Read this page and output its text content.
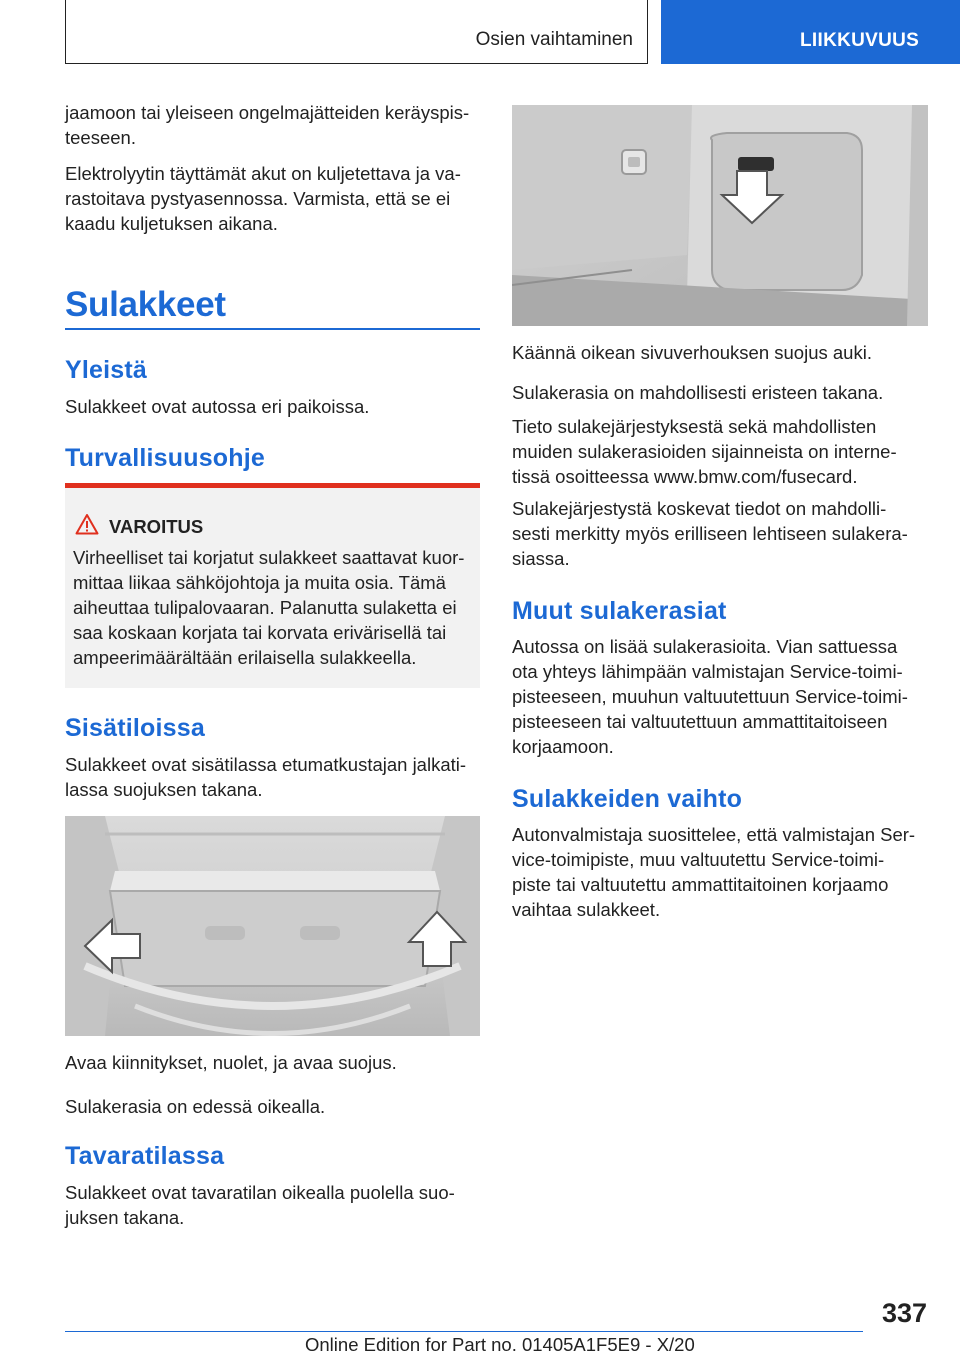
Osien vaihtaminen	LIIKKUVUUS

jaamoon tai yleiseen ongelmajätteiden keräyspis-
teeseen.

Elektrolyytin täyttämät akut on kuljetettava ja va-
rastoitava pystyasennossa. Varmista, että se ei
kaadu kuljetuksen aikana.

Sulakkeet
Yleistä

Sulakkeet ovat autossa eri paikoissa.

Turvallisuusohje
VAROITUS

Virheelliset tai korjatut sulakkeet saattavat kuor-
mittaa liikaa sähköjohtoja ja muita osia. Tämä
aiheuttaa tulipalovaaran. Palanutta sulaketta ei
saa koskaan korjata tai korvata erivärisellä tai
ampeerimäärältään erilaisella sulakkeella.

Sisätiloissa

Sulakkeet ovat sisätilassa etumatkustajan jalkati-
lassa suojuksen takana.

Avaa kiinnitykset, nuolet, ja avaa suojus.

Sulakerasia on edessä oikealla.

Tavaratilassa

Sulakkeet ovat tavaratilan oikealla puolella suo-
juksen takana.

Käännä oikean sivuverhouksen suojus auki.

Sulakerasia on mahdollisesti eristeen takana.

Tieto sulakejärjestyksestä sekä mahdollisten
muiden sulakerasioiden sijainneista on interne-
tissä osoitteessa www.bmw.com/fusecard.

Sulakejärjestystä koskevat tiedot on mahdolli-
sesti merkitty myös erilliseen lehtiseen sulakera-
siassa.

Muut sulakerasiat

Autossa on lisää sulakerasioita. Vian sattuessa
ota yhteys lähimpään valmistajan Service-toimi-
pisteeseen, muuhun valtuutettuun Service-toimi-
pisteeseen tai valtuutettuun ammattitaitoiseen
korjaamoon.

Sulakkeiden vaihto

Autonvalmistaja suosittelee, että valmistajan Ser-
vice-toimipiste, muu valtuutettu Service-toimi-
piste tai valtuutettu ammattitaitoinen korjaamo
vaihtaa sulakkeet.

337
Online Edition for Part no. 01405A1F5E9 - X/20
